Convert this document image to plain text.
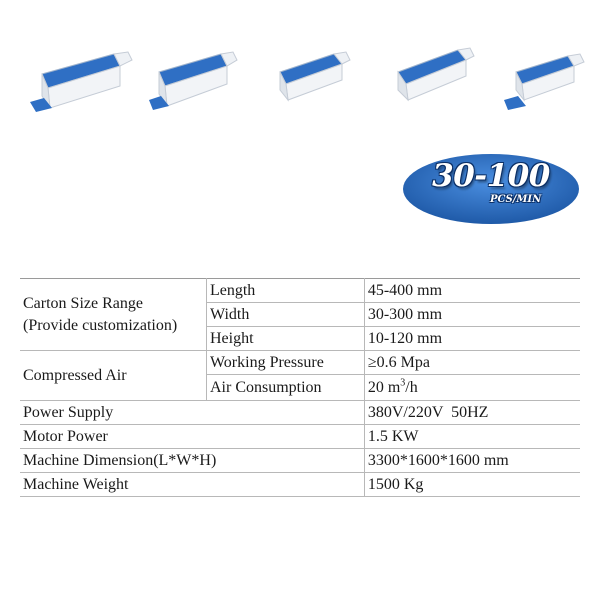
30-100
PCS/MIN
Carton Size Range
(Provide customization)	Length	45-400 mm
	Width	30-300 mm
	Height	10-120 mm
Compressed Air	Working Pressure	≥0.6 Mpa
	Air Consumption	20 $m^3/h$
Power Supply		380V/220V  50HZ
Motor Power		1.5 KW
Machine Dimension(L*W*H)		3300*1600*1600 mm
Machine Weight		1500 Kg
